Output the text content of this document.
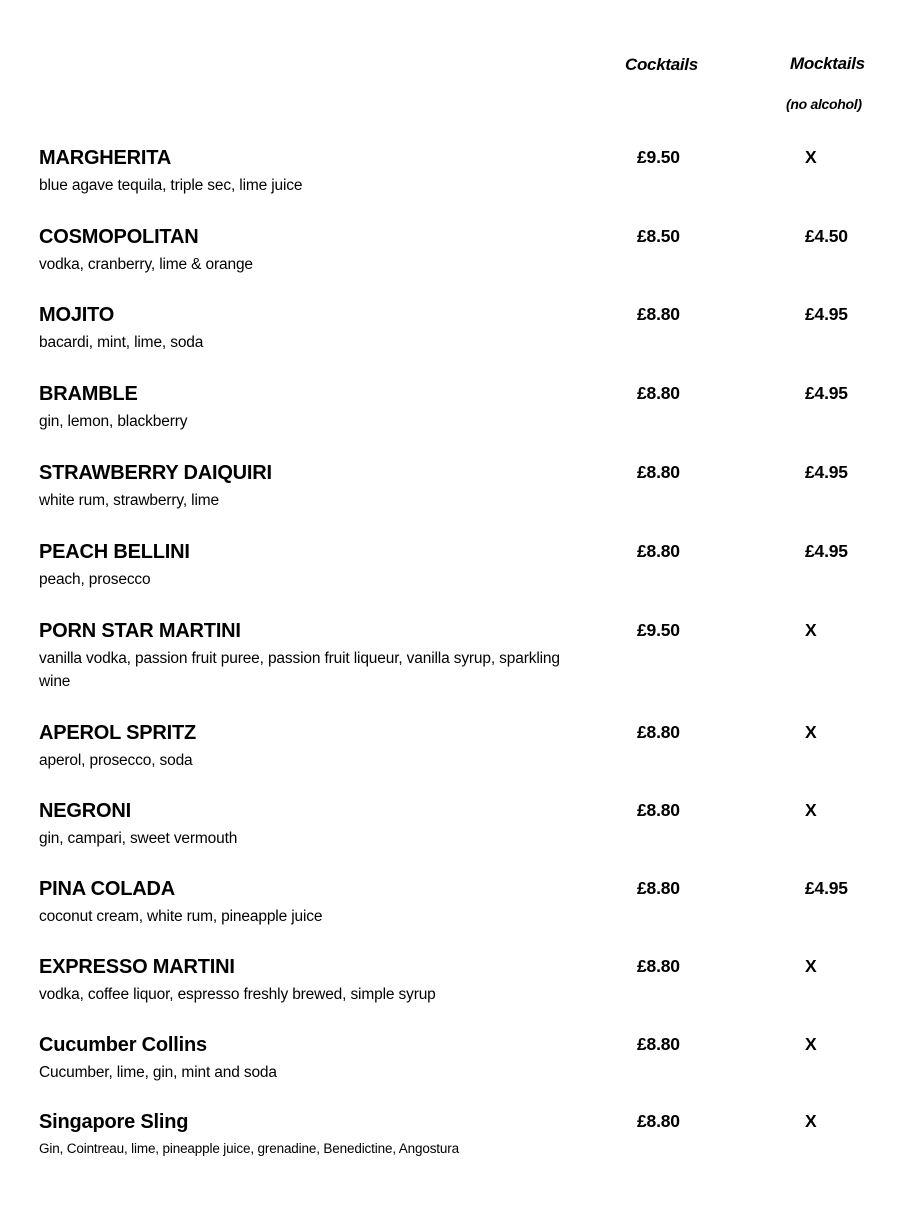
Cocktails	Mocktails
(no alcohol)
MARGHERITA
blue agave tequila, triple sec, lime juice
£9.50	X
COSMOPOLITAN
vodka, cranberry, lime & orange
£8.50	£4.50
MOJITO
bacardi, mint, lime, soda
£8.80	£4.95
BRAMBLE
gin, lemon, blackberry
£8.80	£4.95
STRAWBERRY DAIQUIRI
white rum, strawberry, lime
£8.80	£4.95
PEACH BELLINI
peach, prosecco
£8.80	£4.95
PORN STAR MARTINI
vanilla vodka, passion fruit puree, passion fruit liqueur, vanilla syrup, sparkling wine
£9.50	X
APEROL SPRITZ
aperol, prosecco, soda
£8.80	X
NEGRONI
gin, campari, sweet vermouth
£8.80	X
PINA COLADA
coconut cream, white rum, pineapple juice
£8.80	£4.95
EXPRESSO MARTINI
vodka, coffee liquor, espresso freshly brewed, simple syrup
£8.80	X
Cucumber Collins
Cucumber, lime, gin, mint and soda
£8.80	X
Singapore Sling
Gin, Cointreau, lime, pineapple juice, grenadine, Benedictine, Angostura
£8.80	X
